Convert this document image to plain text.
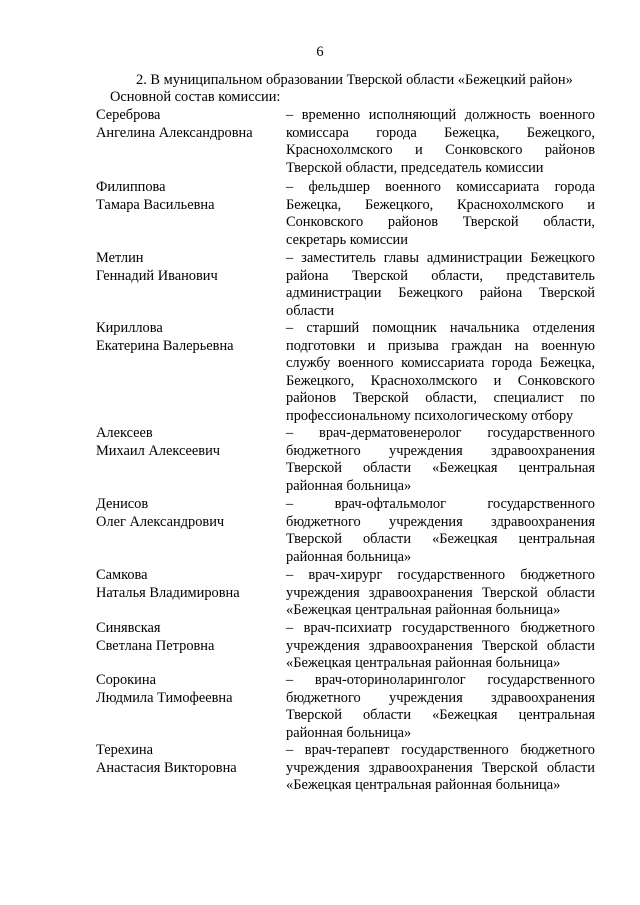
6
2. В муниципальном образовании Тверской области «Бежецкий район»
Основной состав комиссии:
Сереброва
Ангелина Александровна
– временно исполняющий должность военного комиссара города Бежецка, Бежецкого, Краснохолмского и Сонковского районов Тверской области, председатель комиссии
Филиппова
Тамара Васильевна
– фельдшер военного комиссариата города Бежецка, Бежецкого, Краснохолмского и Сонковского районов Тверской области, секретарь комиссии
Метлин
Геннадий Иванович
– заместитель главы администрации Бежецкого района Тверской области, представитель администрации Бежецкого района Тверской области
Кириллова
Екатерина Валерьевна
– старший помощник начальника отделения подготовки и призыва граждан на военную службу военного комиссариата города Бежецка, Бежецкого, Краснохолмского и Сонковского районов Тверской области, специалист по профессиональному психологическому отбору
Алексеев
Михаил Алексеевич
– врач-дерматовенеролог государственного бюджетного учреждения здравоохранения Тверской области «Бежецкая центральная районная больница»
Денисов
Олег Александрович
– врач-офтальмолог государственного бюджетного учреждения здравоохранения Тверской области «Бежецкая центральная районная больница»
Самкова
Наталья Владимировна
– врач-хирург государственного бюджетного учреждения здравоохранения Тверской области «Бежецкая центральная районная больница»
Синявская
Светлана Петровна
– врач-психиатр государственного бюджетного учреждения здравоохранения Тверской области «Бежецкая центральная районная больница»
Сорокина
Людмила Тимофеевна
– врач-оториноларинголог государственного бюджетного учреждения здравоохранения Тверской области «Бежецкая центральная районная больница»
Терехина
Анастасия Викторовна
– врач-терапевт государственного бюджетного учреждения здравоохранения Тверской области «Бежецкая центральная районная больница»
